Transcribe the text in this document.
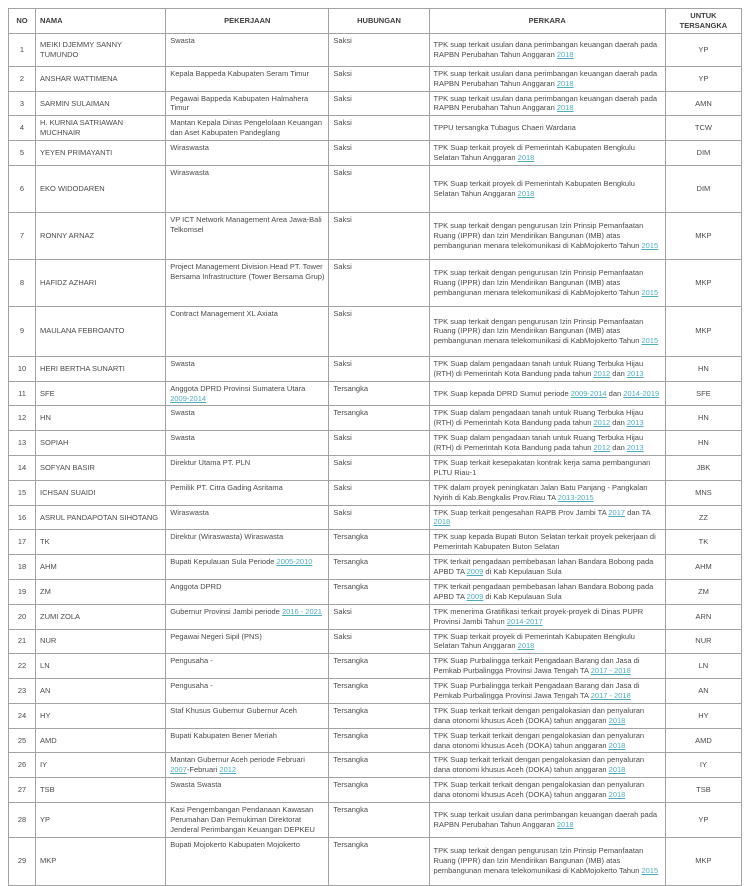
NO	NAMA	PEKERJAAN	HUBUNGAN	PERKARA	UNTUK TERSANGKA
1	MEIKI DJEMMY SANNY TUMUNDO	Swasta	Saksi	TPK suap terkait usulan dana perimbangan keuangan daerah pada RAPBN Perubahan Tahun Anggaran 2018	YP
2	ANSHAR WATTIMENA	Kepala Bappeda Kabupaten Seram Timur	Saksi	TPK suap terkait usulan dana perimbangan keuangan daerah pada RAPBN Perubahan Tahun Anggaran 2018	YP
3	SARMIN SULAIMAN	Pegawai Bappeda Kabupaten Halmahera Timur	Saksi	TPK suap terkait usulan dana perimbangan keuangan daerah pada RAPBN Perubahan Tahun Anggaran 2018	AMN
4	H. KURNIA SATRIAWAN MUCHNAIR	Mantan Kepala Dinas Pengelolaan Keuangan dan Aset Kabupaten Pandeglang	Saksi	TPPU tersangka Tubagus Chaeri Wardana	TCW
5	YEYEN PRIMAYANTI	Wiraswasta	Saksi	TPK Suap terkait proyek di Pemerintah Kabupaten Bengkulu Selatan Tahun Anggaran 2018	DIM
6	EKO WIDODAREN	Wiraswasta	Saksi	TPK Suap terkait proyek di Pemerintah Kabupaten Bengkulu Selatan Tahun Anggaran 2018	DIM
7	RONNY ARNAZ	VP ICT Network Management Area Jawa-Bali Telkomsel	Saksi	TPK suap terkait dengan pengurusan Izin Prinsip Pemanfaatan Ruang (IPPR) dan Izin Mendirikan Bangunan (IMB) atas pembangunan menara telekomunikasi di KabMojokerto Tahun 2015	MKP
8	HAFIDZ AZHARI	Project Management Division Head PT. Tower Bersama Infrastructure (Tower Bersama Grup)	Saksi	TPK suap terkait dengan pengurusan Izin Prinsip Pemanfaatan Ruang (IPPR) dan Izin Mendirikan Bangunan (IMB) atas pembangunan menara telekomunikasi di KabMojokerto Tahun 2015	MKP
9	MAULANA FEBROANTO	Contract Management XL Axiata	Saksi	TPK suap terkait dengan pengurusan Izin Prinsip Pemanfaatan Ruang (IPPR) dan Izin Mendirikan Bangunan (IMB) atas pembangunan menara telekomunikasi di KabMojokerto Tahun 2015	MKP
10	HERI BERTHA SUNARTI	Swasta	Saksi	TPK Suap dalam pengadaan tanah untuk Ruang Terbuka Hijau (RTH) di Pemerintah Kota Bandung pada tahun 2012 dan 2013	HN
11	SFE	Anggota DPRD Provinsi Sumatera Utara 2009-2014	Tersangka	TPK Suap kepada DPRD Sumut periode 2009-2014 dan 2014-2019	SFE
12	HN	Swasta	Tersangka	TPK Suap dalam pengadaan tanah untuk Ruang Terbuka Hijau (RTH) di Pemerintah Kota Bandung pada tahun 2012 dan 2013	HN
13	SOPIAH	Swasta	Saksi	TPK Suap dalam pengadaan tanah untuk Ruang Terbuka Hijau (RTH) di Pemerintah Kota Bandung pada tahun 2012 dan 2013	HN
14	SOFYAN BASIR	Direktur Utama PT. PLN	Saksi	TPK Suap terkait kesepakatan kontrak kerja sama pembangunan PLTU Riau-1	JBK
15	ICHSAN SUAIDI	Pemilik PT. Citra Gading Asritama	Saksi	TPK dalam proyek peningkatan Jalan Batu Panjang - Pangkalan Nyirih di Kab.Bengkalis Prov.Riau TA 2013-2015	MNS
16	ASRUL PANDAPOTAN SIHOTANG	Wiraswasta	Saksi	TPK Suap terkait pengesahan RAPB Prov Jambi TA 2017 dan TA 2018	ZZ
17	TK	Direktur (Wiraswasta) Wiraswasta	Tersangka	TPK suap kepada Bupati Buton Selatan terkait proyek pekerjaan di Pemerintah Kabupaten Buton Selatan	TK
18	AHM	Bupati Kepulauan Sula Periode 2005-2010	Tersangka	TPK terkait pengadaan pembebasan lahan Bandara Bobong pada APBD TA 2009 di Kab Kepulauan Sula	AHM
19	ZM	Anggota DPRD	Tersangka	TPK terkait pengadaan pembebasan lahan Bandara Bobong pada APBD TA 2009 di Kab Kepulauan Sula	ZM
20	ZUMI ZOLA	Gubernur Provinsi Jambi periode 2016 - 2021	Saksi	TPK menerima Gratifikasi terkait proyek-proyek di Dinas PUPR Provinsi Jambi Tahun 2014-2017	ARN
21	NUR	Pegawai Negeri Sipil (PNS)	Saksi	TPK Suap terkait proyek di Pemerintah Kabupaten Bengkulu Selatan Tahun Anggaran 2018	NUR
22	LN	Pengusaha -	Tersangka	TPK Suap Purbalingga terkait Pengadaan Barang dan Jasa di Pemkab Purbalingga Provinsi Jawa Tengah TA 2017 - 2018	LN
23	AN	Pengusaha -	Tersangka	TPK Suap Purbalingga terkait Pengadaan Barang dan Jasa di Pemkab Purbalingga Provinsi Jawa Tengah TA 2017 - 2018	AN
24	HY	Staf Khusus Gubernur Gubernur Aceh	Tersangka	TPK Suap terkait terkait dengan pengalokasian dan penyaluran dana otonomi khusus Aceh (DOKA) tahun anggaran 2018	HY
25	AMD	Bupati Kabupaten Bener Meriah	Tersangka	TPK Suap terkait terkait dengan pengalokasian dan penyaluran dana otonomi khusus Aceh (DOKA) tahun anggaran 2018	AMD
26	IY	Mantan Gubernur Aceh periode Februari 2007-Februari 2012	Tersangka	TPK Suap terkait terkait dengan pengalokasian dan penyaluran dana otonomi khusus Aceh (DOKA) tahun anggaran 2018	IY
27	TSB	Swasta Swasta	Tersangka	TPK Suap terkait terkait dengan pengalokasian dan penyaluran dana otonomi khusus Aceh (DOKA) tahun anggaran 2018	TSB
28	YP	Kasi Pengembangan Pendanaan Kawasan Perumahan Dan Pemukiman Direktorat Jenderal Perimbangan Keuangan DEPKEU	Tersangka	TPK suap terkait usulan dana perimbangan keuangan daerah pada RAPBN Perubahan Tahun Anggaran 2018	YP
29	MKP	Bupati Mojokerto Kabupaten Mojokerto	Tersangka	TPK suap terkait dengan pengurusan Izin Prinsip Pemanfaatan Ruang (IPPR) dan Izin Mendirikan Bangunan (IMB) atas pembangunan menara telekomunikasi di KabMojokerto Tahun 2015	MKP
